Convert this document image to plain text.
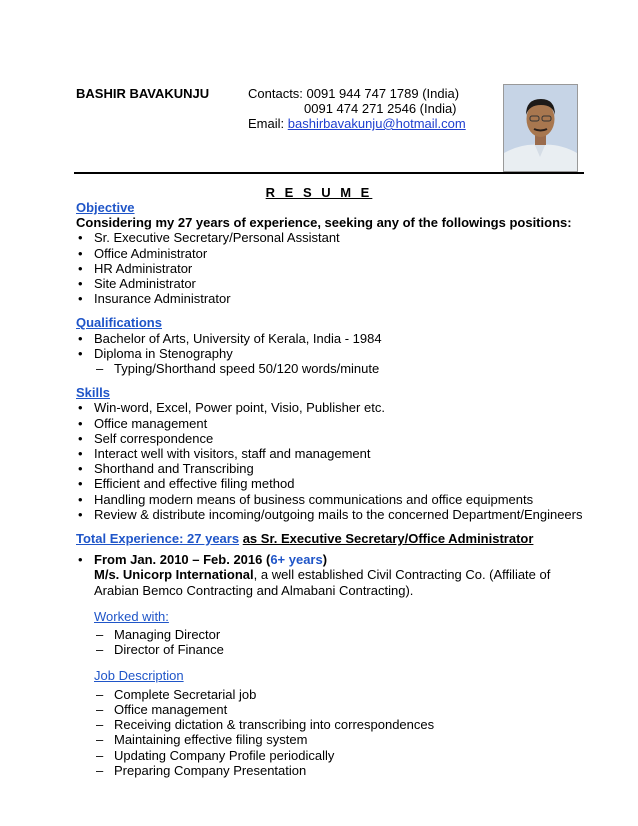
BASHIR BAVAKUNJU	Contacts: 0091 944 747 1789 (India)
0091 474 271 2546 (India)
Email: bashirbavakunju@hotmail.com
R E S U M E
Objective
Considering my 27 years of experience, seeking any of the followings positions:
• Sr. Executive Secretary/Personal Assistant
• Office Administrator
• HR Administrator
• Site Administrator
• Insurance Administrator
Qualifications
• Bachelor of Arts, University of Kerala, India - 1984
• Diploma in Stenography
– Typing/Shorthand speed 50/120 words/minute
Skills
• Win-word, Excel, Power point, Visio, Publisher etc.
• Office management
• Self correspondence
• Interact well with visitors, staff and management
• Shorthand and Transcribing
• Efficient and effective filing method
• Handling modern means of business communications and office equipments
• Review & distribute incoming/outgoing mails to the concerned Department/Engineers
Total Experience: 27 years as Sr. Executive Secretary/Office Administrator
• From Jan. 2010 – Feb. 2016 (6+ years)
M/s. Unicorp International, a well established Civil Contracting Co. (Affiliate of Arabian Bemco Contracting and Almabani Contracting).
Worked with:
– Managing Director
– Director of Finance
Job Description
– Complete Secretarial job
– Office management
– Receiving dictation & transcribing into correspondences
– Maintaining effective filing system
– Updating Company Profile periodically
– Preparing Company Presentation
